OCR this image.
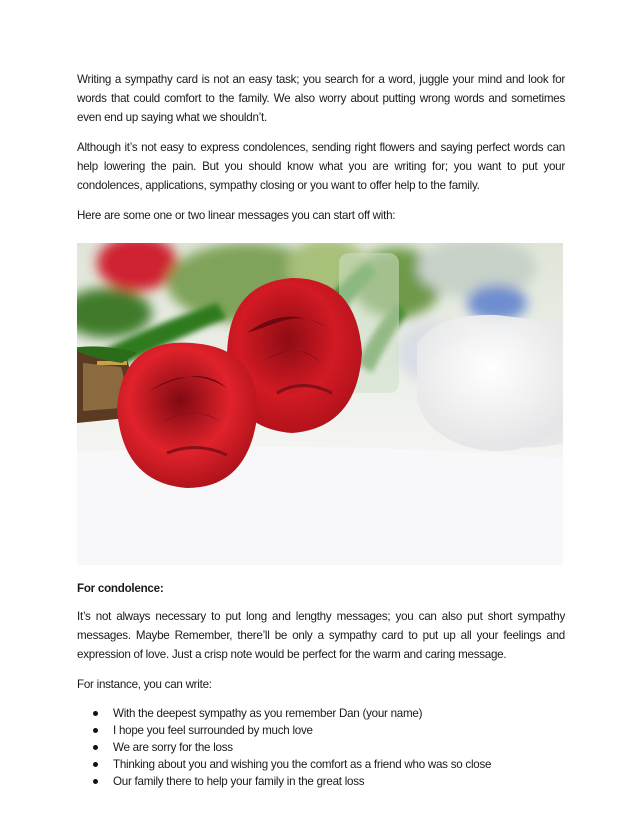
Writing a sympathy card is not an easy task; you search for a word, juggle your mind and look for words that could comfort to the family. We also worry about putting wrong words and sometimes even end up saying what we shouldn’t.

Although it’s not easy to express condolences, sending right flowers and saying perfect words can help lowering the pain. But you should know what you are writing for; you want to put your condolences, applications, sympathy closing or you want to offer help to the family.

Here are some one or two linear messages you can start off with:

For condolence:

It’s not always necessary to put long and lengthy messages; you can also put short sympathy messages. Maybe Remember, there’ll be only a sympathy card to put up all your feelings and expression of love. Just a crisp note would be perfect for the warm and caring message.

For instance, you can write:

With the deepest sympathy as you remember Dan (your name)
I hope you feel surrounded by much love
We are sorry for the loss
Thinking about you and wishing you the comfort as a friend who was so close
Our family there to help your family in the great loss
